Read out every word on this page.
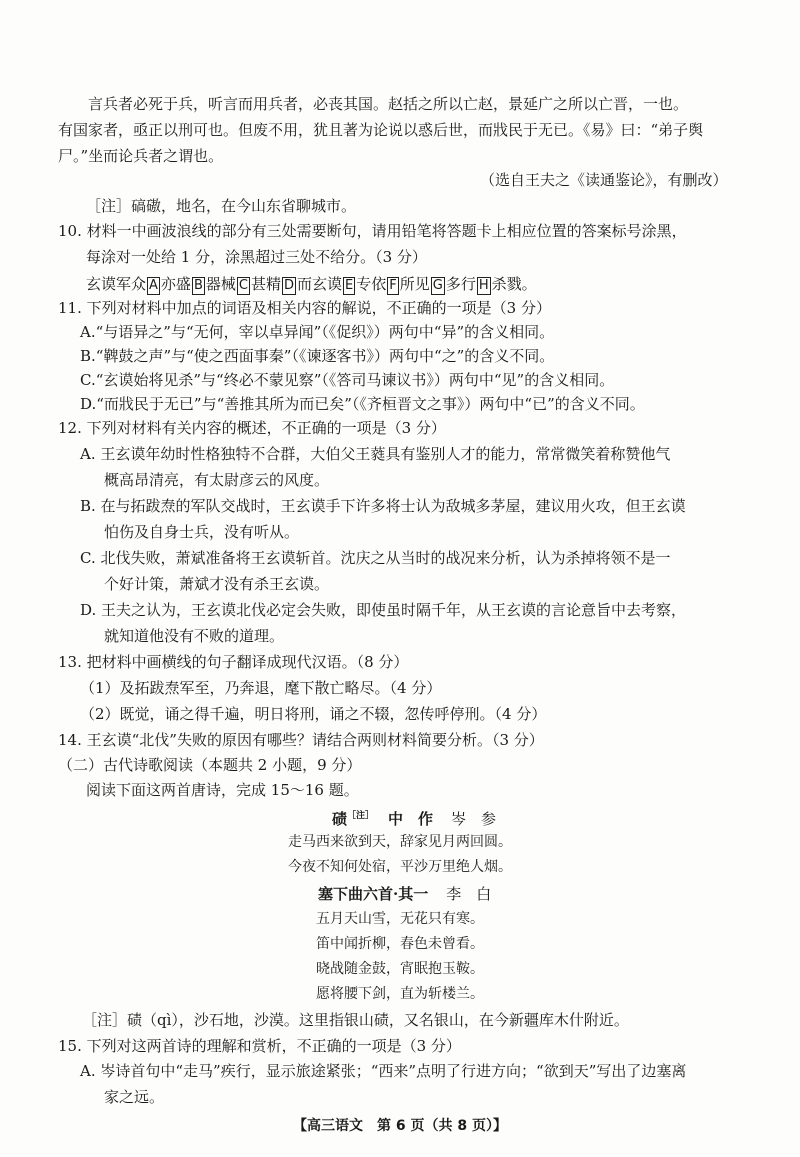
言兵者必死于兵，听言而用兵者，必丧其国。赵括之所以亡赵，景延广之所以亡晋，一也。
有国家者，亟正以刑可也。但废不用，犹且著为论说以惑后世，而戕民于无已。《易》曰：“弟子舆
尸。”坐而论兵者之谓也。
（选自王夫之《读通鉴论》，有删改）
［注］碻磝，地名，在今山东省聊城市。
10. 材料一中画波浪线的部分有三处需要断句，请用铅笔将答题卡上相应位置的答案标号涂黑，
每涂对一处给 1 分，涂黑超过三处不给分。（3 分）
玄谟军众 A 亦盛 B 器械 C 甚精 D 而玄谟 E 专依 F 所见 G 多行 H 杀戮。
11. 下列对材料中加点的词语及相关内容的解说，不正确的一项是（3 分）
A.“与语异之”与“无何，宰以卓异闻”（《促织》）两句中“异”的含义相同。
B.“鞞鼓之声”与“使之西面事秦”（《谏逐客书》）两句中“之”的含义不同。
C.“玄谟始将见杀”与“终必不蒙见察”（《答司马谏议书》）两句中“见”的含义相同。
D.“而戕民于无已”与“善推其所为而已矣”（《齐桓晋文之事》）两句中“已”的含义不同。
12. 下列对材料有关内容的概述，不正确的一项是（3 分）
A. 王玄谟年幼时性格独特不合群，大伯父王蕤具有鉴别人才的能力，常常微笑着称赞他气
概高昂清亮，有太尉彦云的风度。
B. 在与拓跋焘的军队交战时，王玄谟手下许多将士认为敌城多茅屋，建议用火攻，但王玄谟
怕伤及自身士兵，没有听从。
C. 北伐失败，萧斌准备将王玄谟斩首。沈庆之从当时的战况来分析，认为杀掉将领不是一
个好计策，萧斌才没有杀王玄谟。
D. 王夫之认为，王玄谟北伐必定会失败，即使虽时隔千年，从王玄谟的言论意旨中去考察，
就知道他没有不败的道理。
13. 把材料中画横线的句子翻译成现代汉语。（8 分）
（1）及拓跋焘军至，乃奔退，麾下散亡略尽。（4 分）
（2）既觉，诵之得千遍，明日将刑，诵之不辍，忽传呼停刑。（4 分）
14. 王玄谟“北伐”失败的原因有哪些？请结合两则材料简要分析。（3 分）
（二）古代诗歌阅读（本题共 2 小题，9 分）
阅读下面这两首唐诗，完成 15～16 题。
碛$^{[注]}$ 中　作 岑　参
走马西来欲到天，辞家见月两回圆。
今夜不知何处宿，平沙万里绝人烟。
塞下曲六首·其一 李　白
五月天山雪，无花只有寒。
笛中闻折柳，春色未曾看。
晓战随金鼓，宵眠抱玉鞍。
愿将腰下剑，直为斩楼兰。
［注］碛（qì），沙石地，沙漠。这里指银山碛，又名银山，在今新疆库木什附近。
15. 下列对这两首诗的理解和赏析，不正确的一项是（3 分）
A. 岑诗首句中“走马”疾行，显示旅途紧张；“西来”点明了行进方向；“欲到天”写出了边塞离
家之远。
【高三语文　第 6 页（共 8 页）】
